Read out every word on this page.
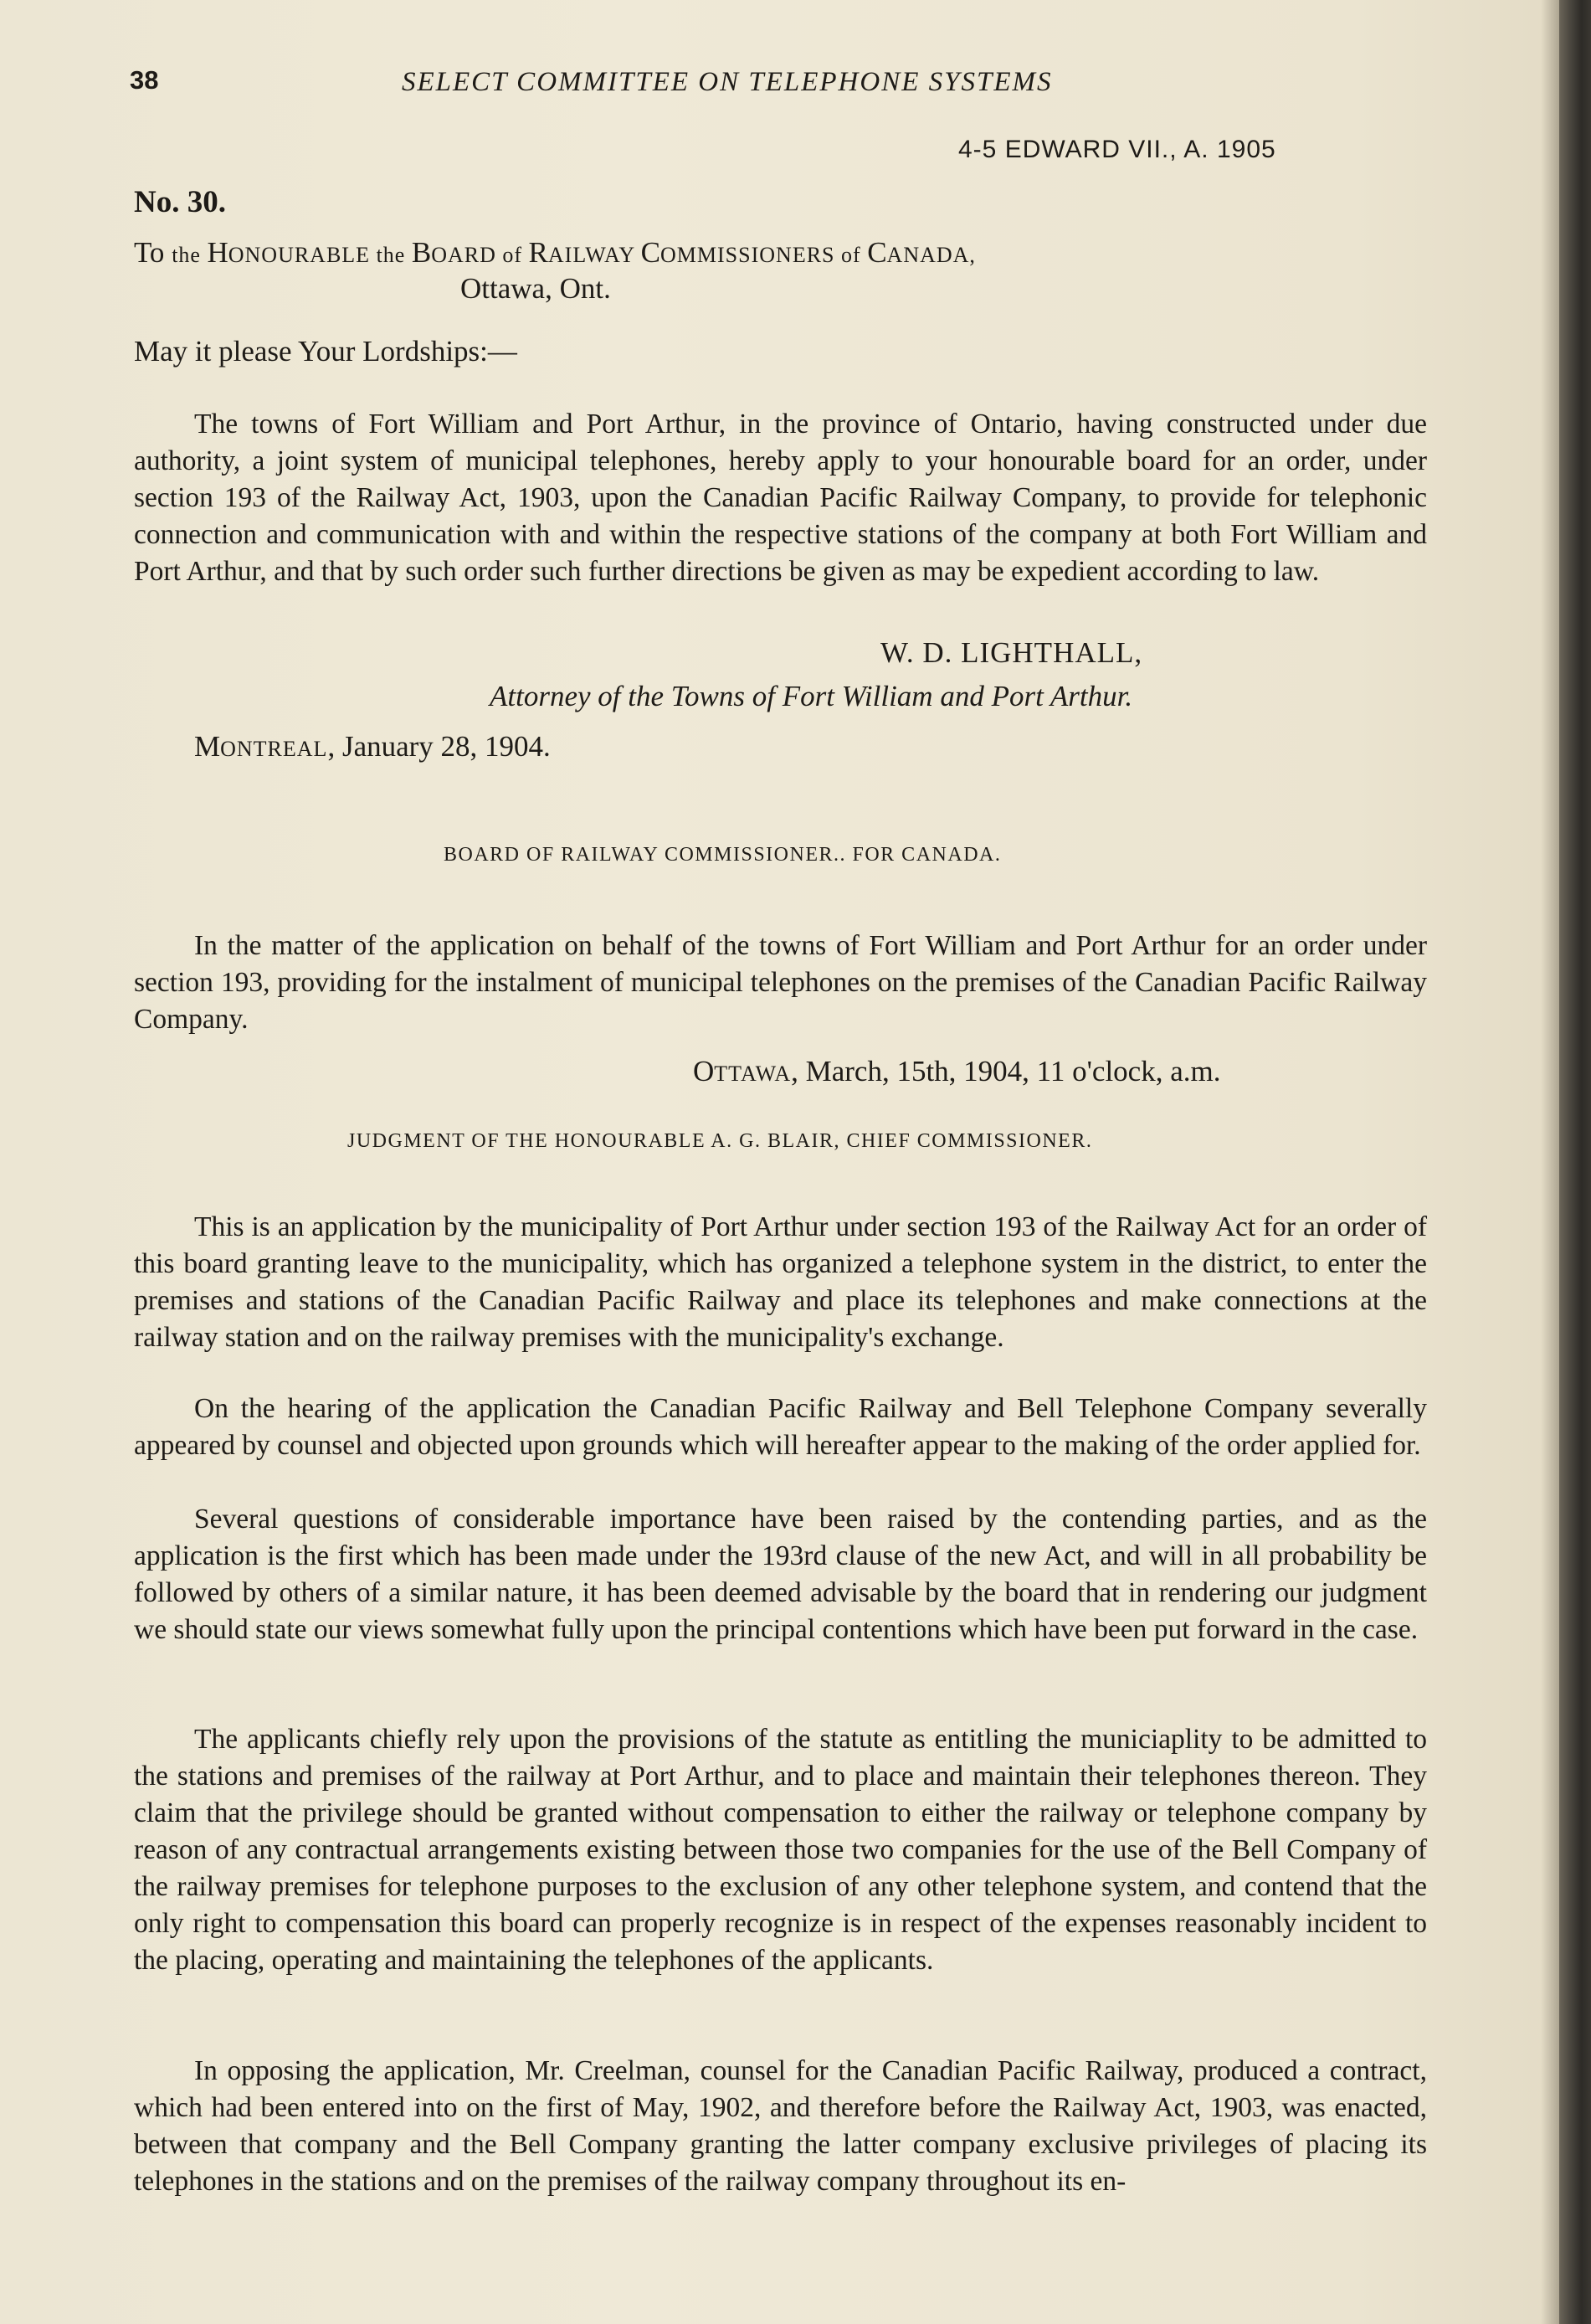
38	SELECT COMMITTEE ON TELEPHONE SYSTEMS
4-5 EDWARD VII., A. 1905
No. 30.
To the HONOURABLE the BOARD of RAILWAY COMMISSIONERS of CANADA,
Ottawa, Ont.
May it please Your Lordships:—

The towns of Fort William and Port Arthur, in the province of Ontario, having constructed under due authority, a joint system of municipal telephones, hereby apply to your honourable board for an order, under section 193 of the Railway Act, 1903, upon the Canadian Pacific Railway Company, to provide for telephonic connection and communication with and within the respective stations of the company at both Fort William and Port Arthur, and that by such order such further directions be given as may be expedient according to law.

W. D. LIGHTHALL,
Attorney of the Towns of Fort William and Port Arthur.
MONTREAL, January 28, 1904.
BOARD OF RAILWAY COMMISSIONER.. FOR CANADA.

In the matter of the application on behalf of the towns of Fort William and Port Arthur for an order under section 193, providing for the instalment of municipal telephones on the premises of the Canadian Pacific Railway Company.

OTTAWA, March, 15th, 1904, 11 o'clock, a.m.
JUDGMENT OF THE HONOURABLE A. G. BLAIR, CHIEF COMMISSIONER.

This is an application by the municipality of Port Arthur under section 193 of the Railway Act for an order of this board granting leave to the municipality, which has organized a telephone system in the district, to enter the premises and stations of the Canadian Pacific Railway and place its telephones and make connections at the railway station and on the railway premises with the municipality's exchange.

On the hearing of the application the Canadian Pacific Railway and Bell Telephone Company severally appeared by counsel and objected upon grounds which will hereafter appear to the making of the order applied for.

Several questions of considerable importance have been raised by the contending parties, and as the application is the first which has been made under the 193rd clause of the new Act, and will in all probability be followed by others of a similar nature, it has been deemed advisable by the board that in rendering our judgment we should state our views somewhat fully upon the principal contentions which have been put forward in the case.

The applicants chiefly rely upon the provisions of the statute as entitling the municiaplity to be admitted to the stations and premises of the railway at Port Arthur, and to place and maintain their telephones thereon. They claim that the privilege should be granted without compensation to either the railway or telephone company by reason of any contractual arrangements existing between those two companies for the use of the Bell Company of the railway premises for telephone purposes to the exclusion of any other telephone system, and contend that the only right to compensation this board can properly recognize is in respect of the expenses reasonably incident to the placing, operating and maintaining the telephones of the applicants.

In opposing the application, Mr. Creelman, counsel for the Canadian Pacific Railway, produced a contract, which had been entered into on the first of May, 1902, and therefore before the Railway Act, 1903, was enacted, between that company and the Bell Company granting the latter company exclusive privileges of placing its telephones in the stations and on the premises of the railway company throughout its en-
